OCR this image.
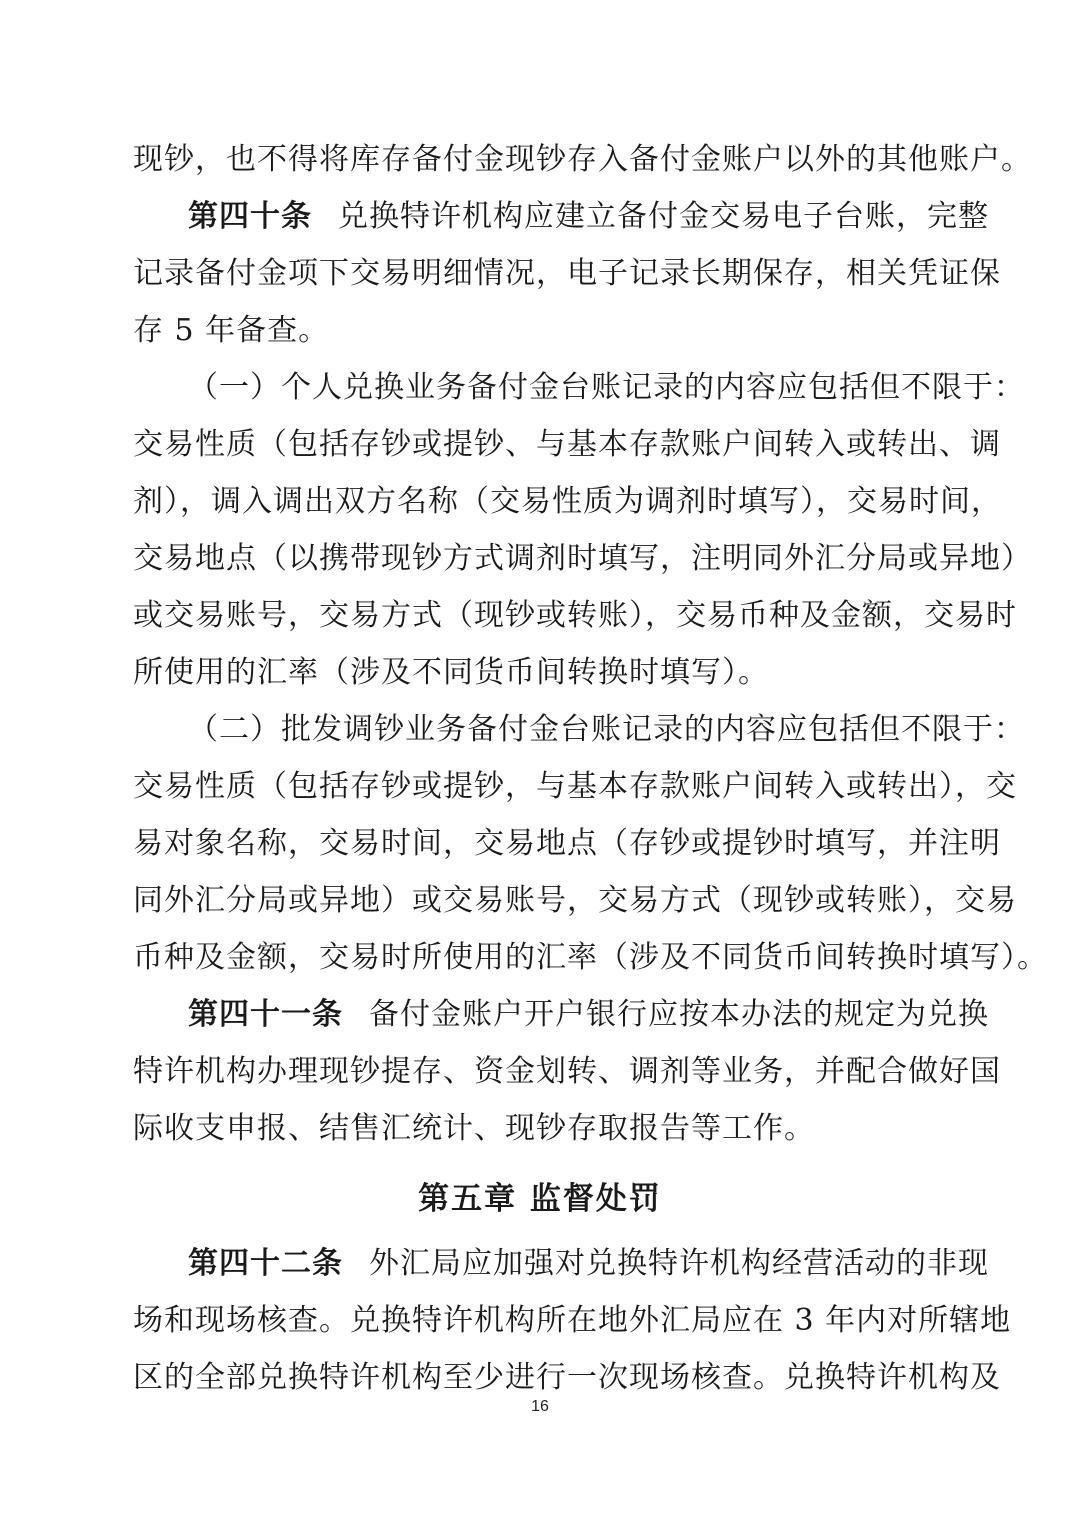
现钞，也不得将库存备付金现钞存入备付金账户以外的其他账户。
第四十条 兑换特许机构应建立备付金交易电子台账，完整
记录备付金项下交易明细情况，电子记录长期保存，相关凭证保
存 5 年备查。
（一）个人兑换业务备付金台账记录的内容应包括但不限于：
交易性质（包括存钞或提钞、与基本存款账户间转入或转出、调
剂），调入调出双方名称（交易性质为调剂时填写），交易时间，
交易地点（以携带现钞方式调剂时填写，注明同外汇分局或异地）
或交易账号，交易方式（现钞或转账），交易币种及金额，交易时
所使用的汇率（涉及不同货币间转换时填写）。
（二）批发调钞业务备付金台账记录的内容应包括但不限于：
交易性质（包括存钞或提钞，与基本存款账户间转入或转出），交
易对象名称，交易时间，交易地点（存钞或提钞时填写，并注明
同外汇分局或异地）或交易账号，交易方式（现钞或转账），交易
币种及金额，交易时所使用的汇率（涉及不同货币间转换时填写）。
第四十一条 备付金账户开户银行应按本办法的规定为兑换
特许机构办理现钞提存、资金划转、调剂等业务，并配合做好国
际收支申报、结售汇统计、现钞存取报告等工作。
第五章 监督处罚
第四十二条 外汇局应加强对兑换特许机构经营活动的非现
场和现场核查。兑换特许机构所在地外汇局应在 3 年内对所辖地
区的全部兑换特许机构至少进行一次现场核查。兑换特许机构及
16
